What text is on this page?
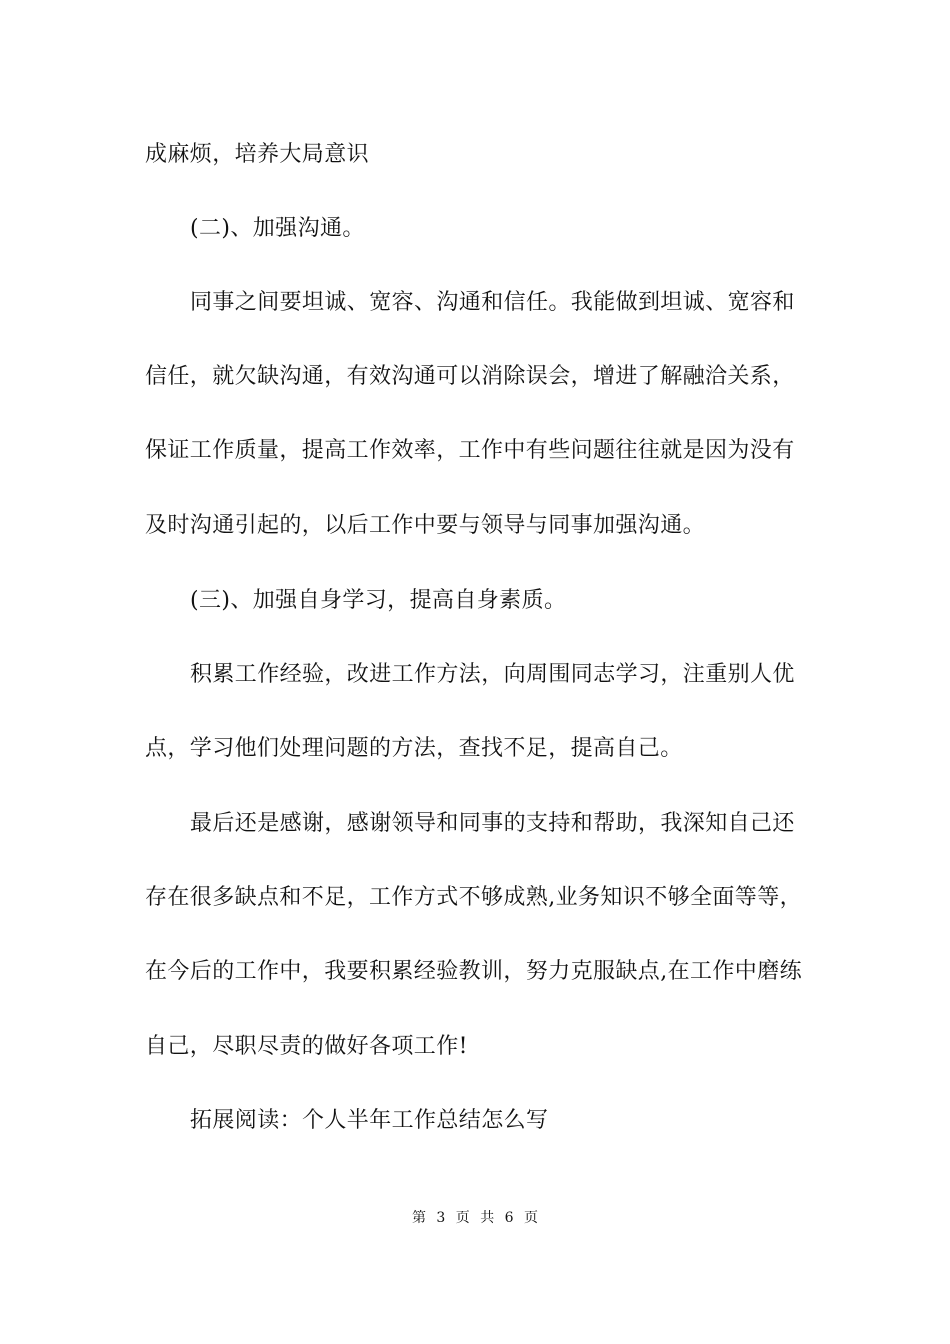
成麻烦，培养大局意识

(二)、加强沟通。

同事之间要坦诚、宽容、沟通和信任。我能做到坦诚、宽容和

信任，就欠缺沟通，有效沟通可以消除误会，增进了解融洽关系，

保证工作质量，提高工作效率，工作中有些问题往往就是因为没有

及时沟通引起的，以后工作中要与领导与同事加强沟通。

(三)、加强自身学习，提高自身素质。

积累工作经验，改进工作方法，向周围同志学习，注重别人优

点，学习他们处理问题的方法，查找不足，提高自己。

最后还是感谢，感谢领导和同事的支持和帮助，我深知自己还

存在很多缺点和不足，工作方式不够成熟,业务知识不够全面等等，

在今后的工作中，我要积累经验教训，努力克服缺点,在工作中磨练

自己，尽职尽责的做好各项工作!

拓展阅读：个人半年工作总结怎么写

第 3 页 共 6 页
